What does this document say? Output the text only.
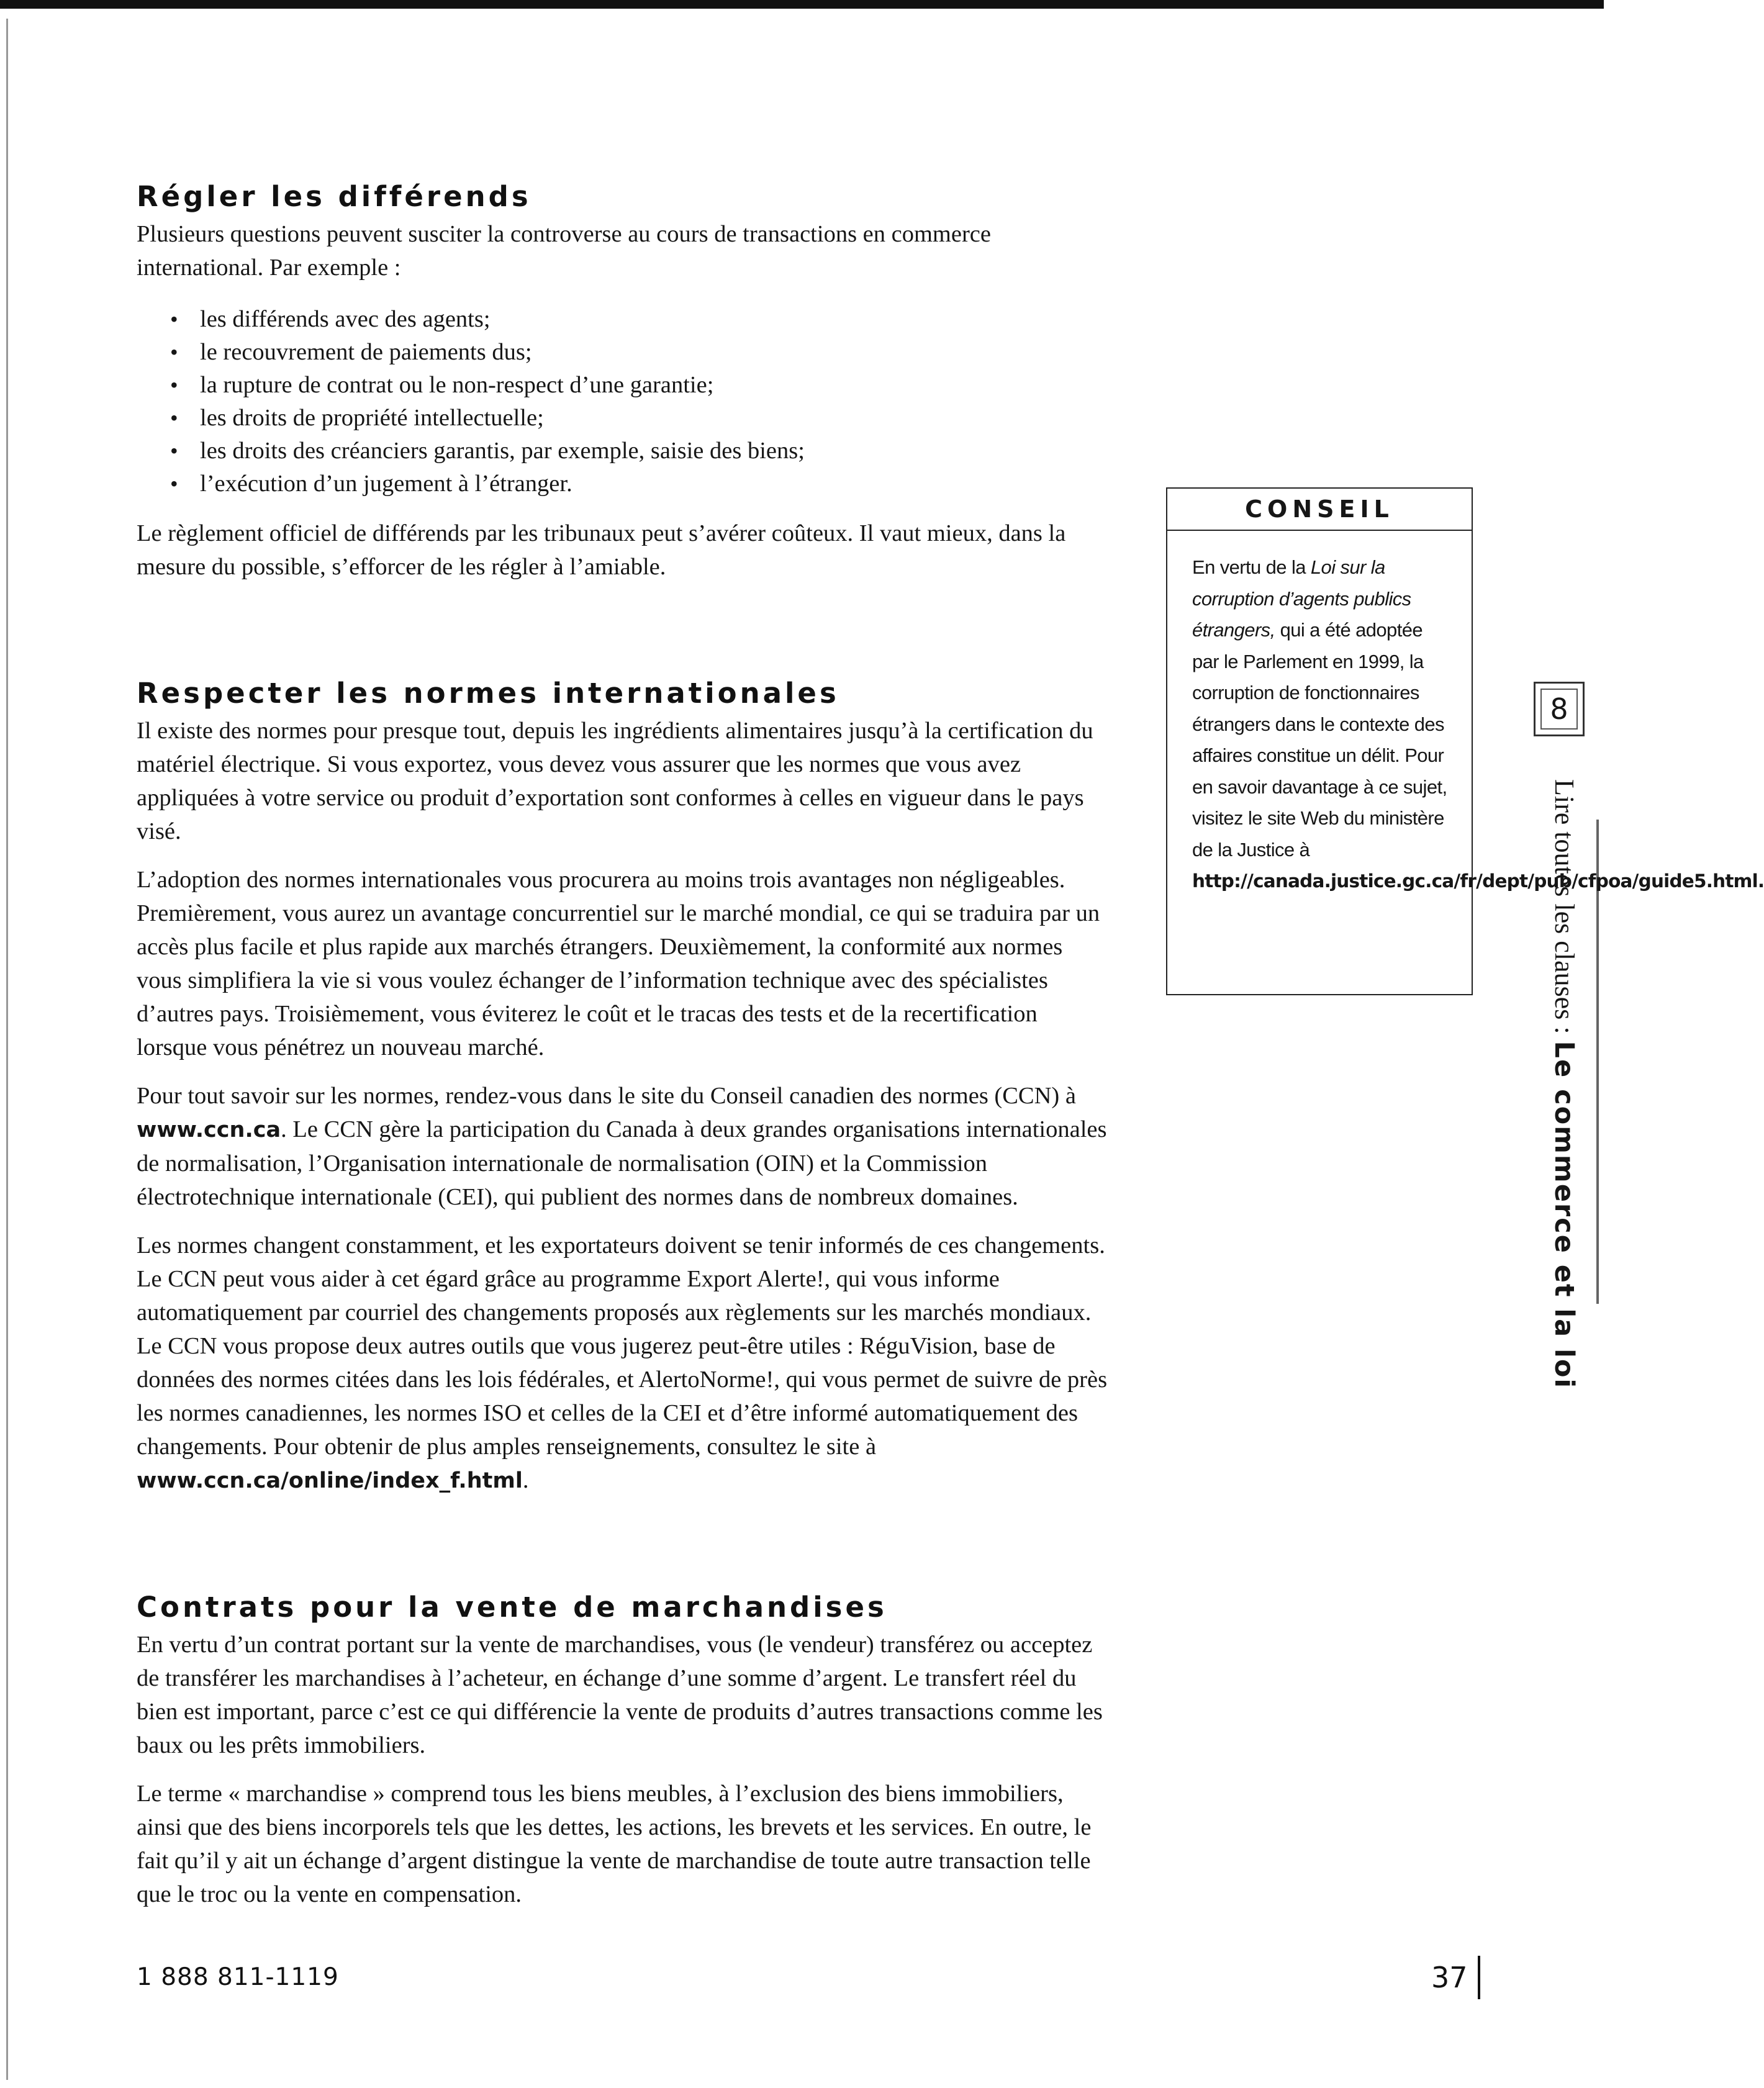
Régler les différends

Plusieurs questions peuvent susciter la controverse au cours de transactions en commerce international. Par exemple :

• les différends avec des agents;
• le recouvrement de paiements dus;
• la rupture de contrat ou le non-respect d’une garantie;
• les droits de propriété intellectuelle;
• les droits des créanciers garantis, par exemple, saisie des biens;
• l’exécution d’un jugement à l’étranger.

Le règlement officiel de différends par les tribunaux peut s’avérer coûteux. Il vaut mieux, dans la mesure du possible, s’efforcer de les régler à l’amiable.

Respecter les normes internationales

Il existe des normes pour presque tout, depuis les ingrédients alimentaires jusqu’à la certification du matériel électrique. Si vous exportez, vous devez vous assurer que les normes que vous avez appliquées à votre service ou produit d’exportation sont conformes à celles en vigueur dans le pays visé.

L’adoption des normes internationales vous procurera au moins trois avantages non négligeables. Premièrement, vous aurez un avantage concurrentiel sur le marché mondial, ce qui se traduira par un accès plus facile et plus rapide aux marchés étrangers. Deuxièmement, la conformité aux normes vous simplifiera la vie si vous voulez échanger de l’information technique avec des spécialistes d’autres pays. Troisièmement, vous éviterez le coût et le tracas des tests et de la recertification lorsque vous pénétrez un nouveau marché.

Pour tout savoir sur les normes, rendez-vous dans le site du Conseil canadien des normes (CCN) à www.ccn.ca. Le CCN gère la participation du Canada à deux grandes organisations internationales de normalisation, l’Organisation internationale de normalisation (OIN) et la Commission électrotechnique internationale (CEI), qui publient des normes dans de nombreux domaines.

Les normes changent constamment, et les exportateurs doivent se tenir informés de ces changements. Le CCN peut vous aider à cet égard grâce au programme Export Alerte!, qui vous informe automatiquement par courriel des changements proposés aux règlements sur les marchés mondiaux. Le CCN vous propose deux autres outils que vous jugerez peut-être utiles : RéguVision, base de données des normes citées dans les lois fédérales, et AlertoNorme!, qui vous permet de suivre de près les normes canadiennes, les normes ISO et celles de la CEI et d’être informé automatiquement des changements. Pour obtenir de plus amples renseignements, consultez le site à www.ccn.ca/online/index_f.html.

Contrats pour la vente de marchandises

En vertu d’un contrat portant sur la vente de marchandises, vous (le vendeur) transférez ou acceptez de transférer les marchandises à l’acheteur, en échange d’une somme d’argent. Le transfert réel du bien est important, parce c’est ce qui différencie la vente de produits d’autres transactions comme les baux ou les prêts immobiliers.

Le terme « marchandise » comprend tous les biens meubles, à l’exclusion des biens immobiliers, ainsi que des biens incorporels tels que les dettes, les actions, les brevets et les services. En outre, le fait qu’il y ait un échange d’argent distingue la vente de marchandise de toute autre transaction telle que le troc ou la vente en compensation.

CONSEIL
En vertu de la Loi sur la corruption d’agents publics étrangers, qui a été adoptée par le Parlement en 1999, la corruption de fonctionnaires étrangers dans le contexte des affaires constitue un délit. Pour en savoir davantage à ce sujet, visitez le site Web du ministère de la Justice à http://canada.justice.gc.ca/fr/dept/pub/cfpoa/guide5.html.
8
Lire toutes les clauses : Le commerce et la loi
1 888 811-1119	37
